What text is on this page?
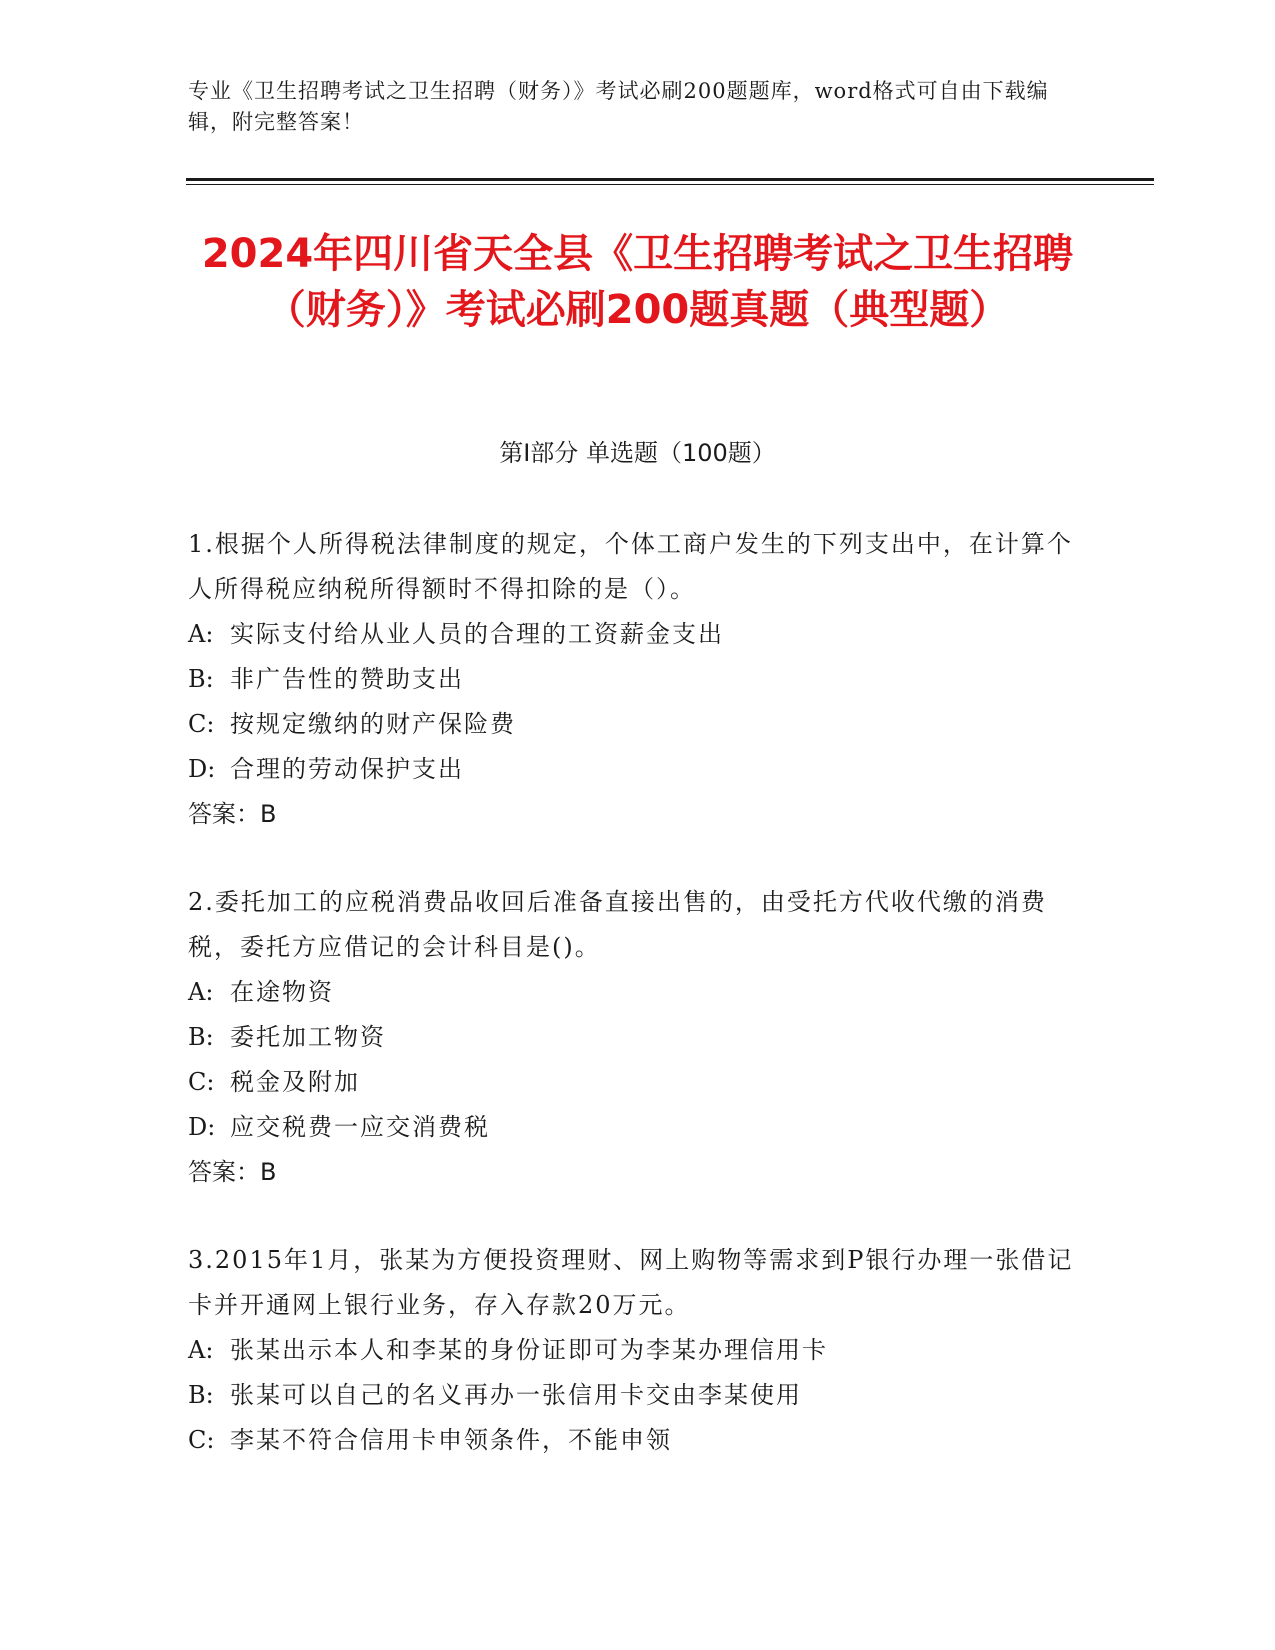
专业《卫生招聘考试之卫生招聘（财务）》考试必刷200题题库，word格式可自由下载编辑，附完整答案！

2024年四川省天全县《卫生招聘考试之卫生招聘（财务）》考试必刷200题真题（典型题）
第Ⅰ部分 单选题（100题）

1.根据个人所得税法律制度的规定，个体工商户发生的下列支出中，在计算个人所得税应纳税所得额时不得扣除的是（）。

A: 实际支付给从业人员的合理的工资薪金支出

B: 非广告性的赞助支出

C: 按规定缴纳的财产保险费

D: 合理的劳动保护支出

答案：B

2.委托加工的应税消费品收回后准备直接出售的，由受托方代收代缴的消费税，委托方应借记的会计科目是()。

A: 在途物资

B: 委托加工物资

C: 税金及附加

D: 应交税费一应交消费税

答案：B

3.2015年1月，张某为方便投资理财、网上购物等需求到P银行办理一张借记卡并开通网上银行业务，存入存款20万元。

A: 张某出示本人和李某的身份证即可为李某办理信用卡

B: 张某可以自己的名义再办一张信用卡交由李某使用

C: 李某不符合信用卡申领条件，不能申领
